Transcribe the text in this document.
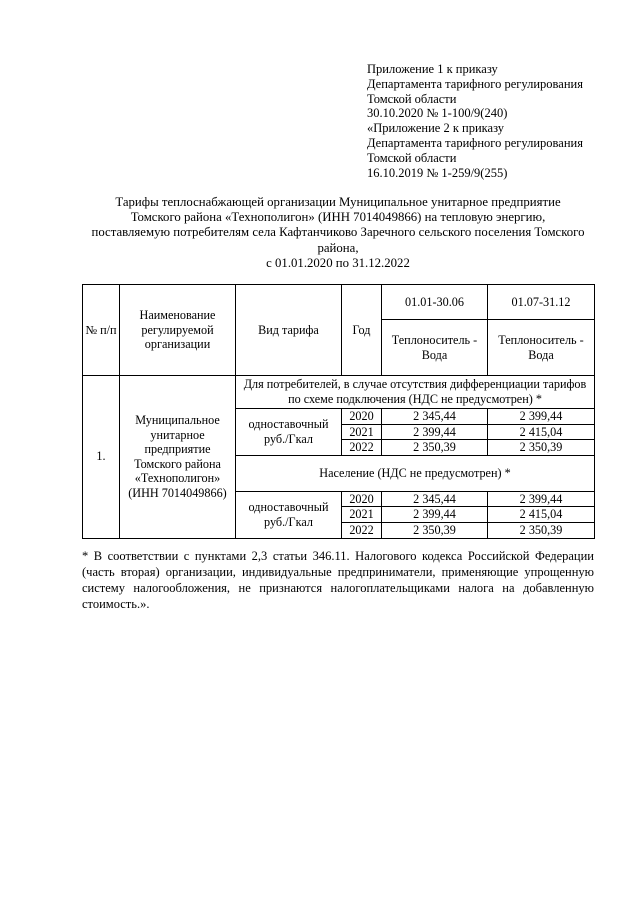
Приложение 1 к приказу
Департамента тарифного регулирования
Томской области
30.10.2020 № 1-100/9(240)
«Приложение 2 к приказу
Департамента тарифного регулирования
Томской области
16.10.2019 № 1-259/9(255)
Тарифы теплоснабжающей организации Муниципальное унитарное предприятие
Томского района «Технополигон» (ИНН 7014049866) на тепловую энергию,
поставляемую потребителям села Кафтанчиково Заречного сельского поселения Томского
района,
с 01.01.2020 по 31.12.2022
№ п/п	Наименование регулируемой организации	Вид тарифа	Год	01.01-30.06	01.07-31.12
				Теплоноситель - Вода	Теплоноситель - Вода
1.	Муниципальное унитарное предприятие Томского района «Технополигон» (ИНН 7014049866)	Для потребителей, в случае отсутствия дифференциации тарифов по схеме подключения (НДС не предусмотрен) *			
		одноставочный руб./Гкал	2020	2 345,44	2 399,44
			2021	2 399,44	2 415,04
			2022	2 350,39	2 350,39
		Население (НДС не предусмотрен) *			
		одноставочный руб./Гкал	2020	2 345,44	2 399,44
			2021	2 399,44	2 415,04
			2022	2 350,39	2 350,39
* В соответствии с пунктами 2,3 статьи 346.11. Налогового кодекса Российской Федерации (часть вторая) организации, индивидуальные предприниматели, применяющие упрощенную систему налогообложения, не признаются налогоплательщиками налога на добавленную стоимость.».
